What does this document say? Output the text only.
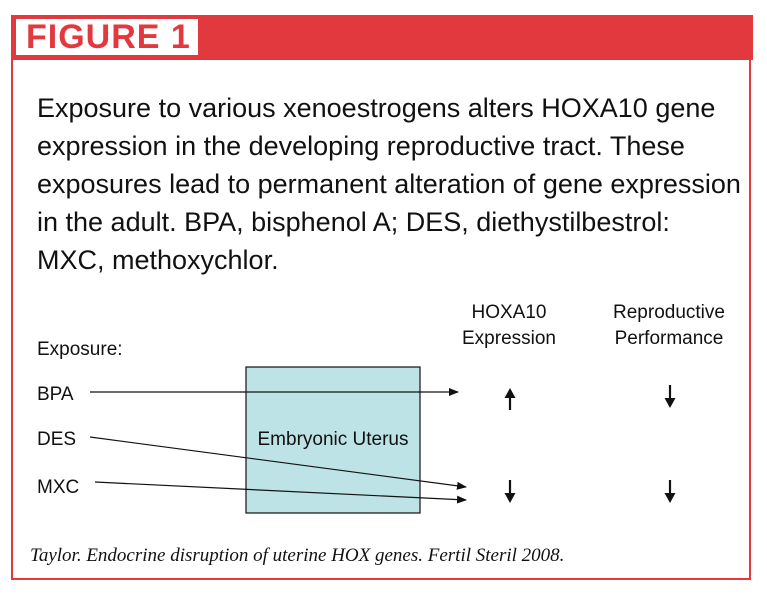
FIGURE 1
Exposure to various xenoestrogens alters HOXA10 gene expression in the developing reproductive tract. These exposures lead to permanent alteration of gene expression in the adult. BPA, bisphenol A; DES, diethystilbestrol: MXC, methoxychlor.
HOXA10
Expression
Reproductive
Performance
Exposure:
BPA
DES
MXC
Embryonic Uterus
Taylor. Endocrine disruption of uterine HOX genes. Fertil Steril 2008.
